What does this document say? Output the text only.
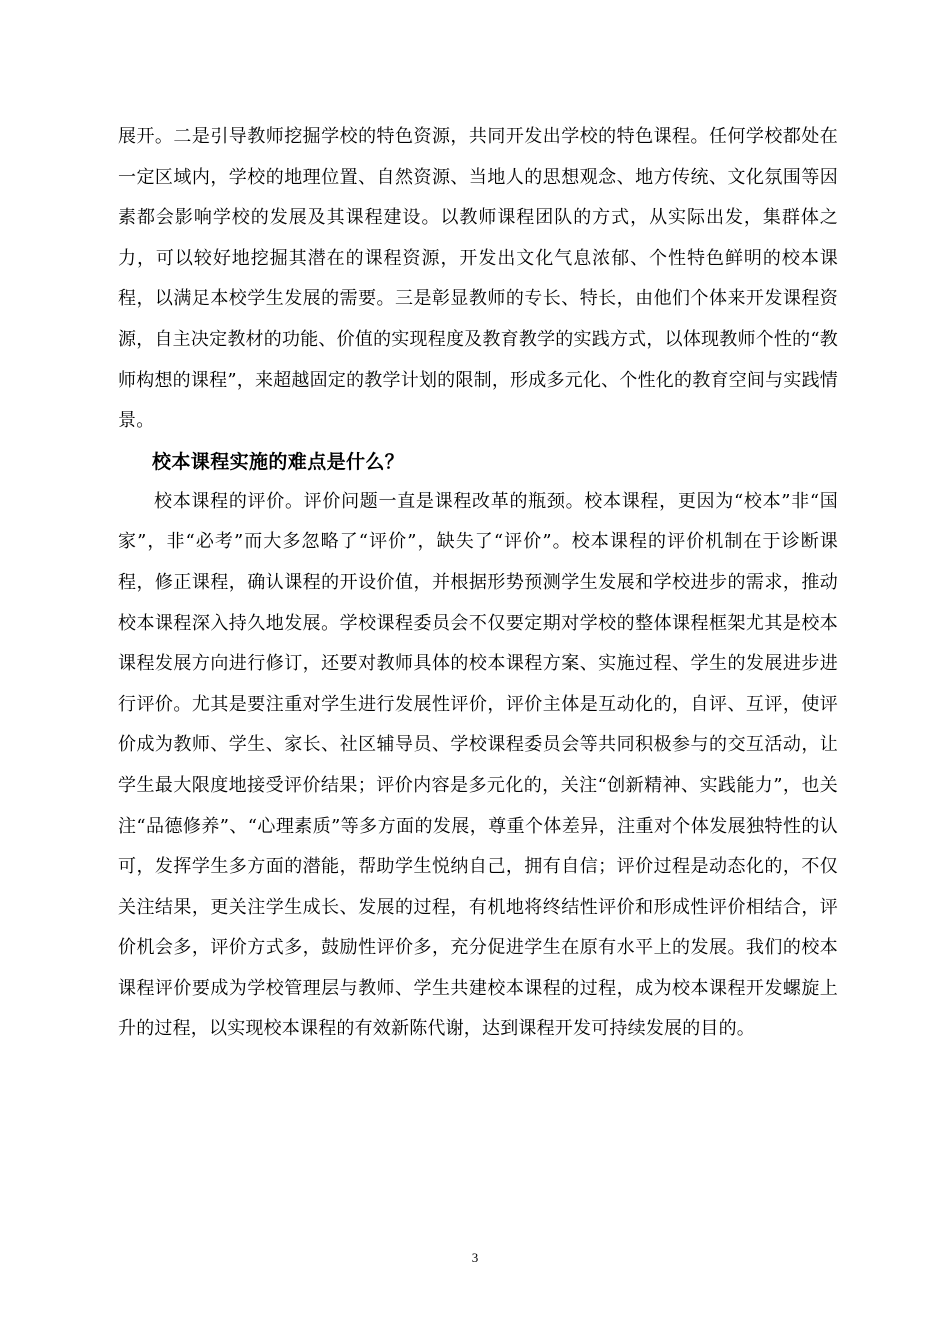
展开。二是引导教师挖掘学校的特色资源，共同开发出学校的特色课程。任何学校都处在一定区域内，学校的地理位置、自然资源、当地人的思想观念、地方传统、文化氛围等因素都会影响学校的发展及其课程建设。以教师课程团队的方式，从实际出发，集群体之力，可以较好地挖掘其潜在的课程资源，开发出文化气息浓郁、个性特色鲜明的校本课程，以满足本校学生发展的需要。三是彰显教师的专长、特长，由他们个体来开发课程资源，自主决定教材的功能、价值的实现程度及教育教学的实践方式，以体现教师个性的“教师构想的课程”，来超越固定的教学计划的限制，形成多元化、个性化的教育空间与实践情景。

校本课程实施的难点是什么？

校本课程的评价。评价问题一直是课程改革的瓶颈。校本课程，更因为“校本”非“国家”，非“必考”而大多忽略了“评价”，缺失了“评价”。校本课程的评价机制在于诊断课程，修正课程，确认课程的开设价值，并根据形势预测学生发展和学校进步的需求，推动校本课程深入持久地发展。学校课程委员会不仅要定期对学校的整体课程框架尤其是校本课程发展方向进行修订，还要对教师具体的校本课程方案、实施过程、学生的发展进步进行评价。尤其是要注重对学生进行发展性评价，评价主体是互动化的，自评、互评，使评价成为教师、学生、家长、社区辅导员、学校课程委员会等共同积极参与的交互活动，让学生最大限度地接受评价结果；评价内容是多元化的，关注“创新精神、实践能力”，也关注“品德修养”、“心理素质”等多方面的发展，尊重个体差异，注重对个体发展独特性的认可，发挥学生多方面的潜能，帮助学生悦纳自己，拥有自信；评价过程是动态化的，不仅关注结果，更关注学生成长、发展的过程，有机地将终结性评价和形成性评价相结合，评价机会多，评价方式多，鼓励性评价多，充分促进学生在原有水平上的发展。我们的校本课程评价要成为学校管理层与教师、学生共建校本课程的过程，成为校本课程开发螺旋上升的过程，以实现校本课程的有效新陈代谢，达到课程开发可持续发展的目的。

3
